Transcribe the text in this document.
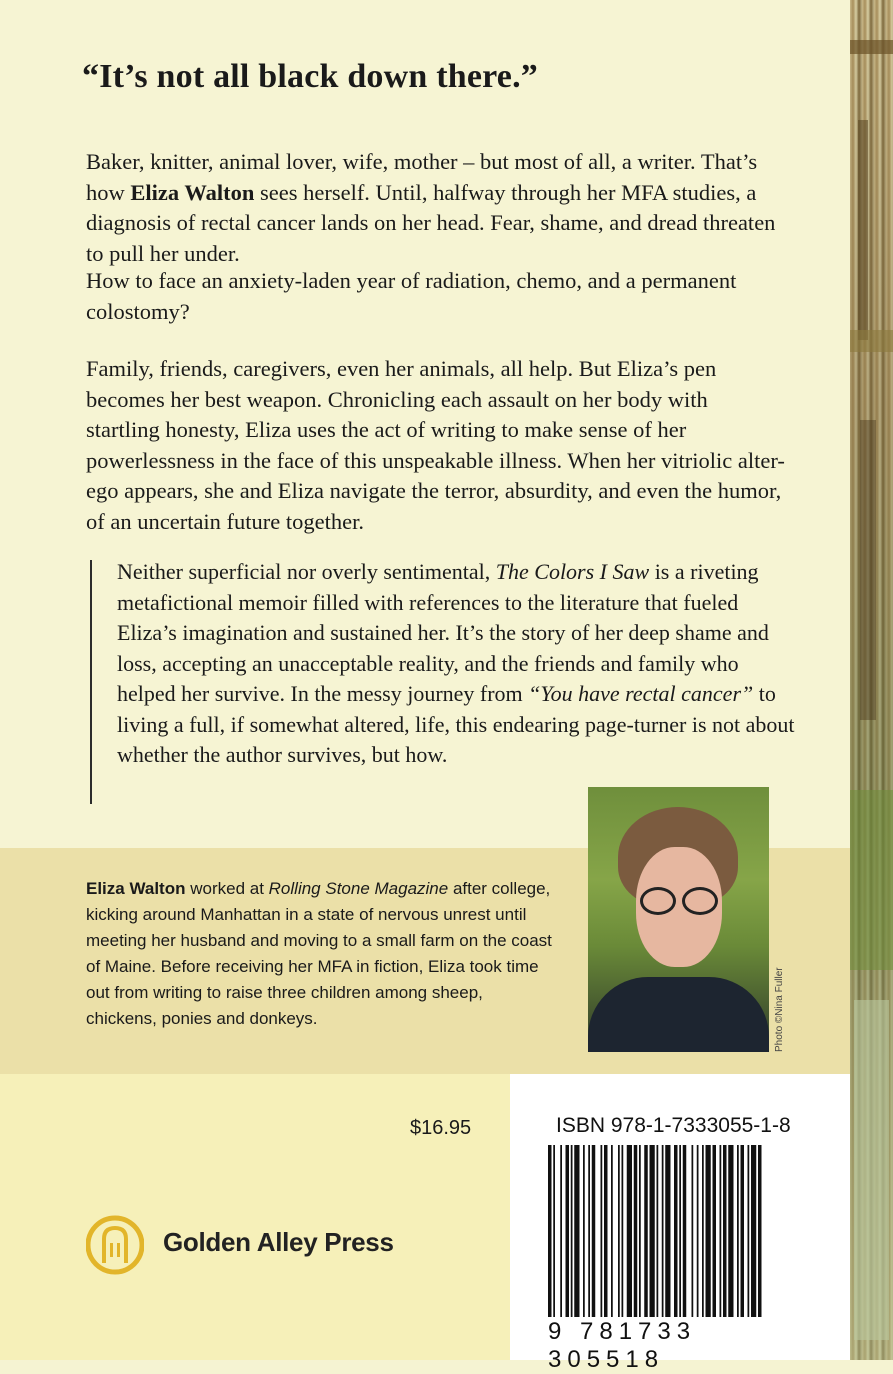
“It’s not all black down there.”

Baker, knitter, animal lover, wife, mother – but most of all, a writer. That’s how Eliza Walton sees herself. Until, halfway through her MFA studies, a diagnosis of rectal cancer lands on her head. Fear, shame, and dread threaten to pull her under.

How to face an anxiety-laden year of radiation, chemo, and a permanent colostomy?

Family, friends, caregivers, even her animals, all help. But Eliza’s pen becomes her best weapon. Chronicling each assault on her body with startling honesty, Eliza uses the act of writing to make sense of her powerlessness in the face of this unspeakable illness. When her vitriolic alter-ego appears, she and Eliza navigate the terror, absurdity, and even the humor, of an uncertain future together.

Neither superficial nor overly sentimental, The Colors I Saw is a riveting metafictional memoir filled with references to the literature that fueled Eliza’s imagination and sustained her. It’s the story of her deep shame and loss, accepting an unacceptable reality, and the friends and family who helped her survive. In the messy journey from “You have rectal cancer” to living a full, if somewhat altered, life, this endearing page-turner is not about
whether the author survives, but how.

Eliza Walton worked at Rolling Stone Magazine after college, kicking around Manhattan in a state of nervous unrest until meeting her husband and moving to a small farm on the coast of Maine. Before receiving her MFA in fiction, Eliza took time out from writing to raise three children among sheep, chickens, ponies and donkeys.	Photo ©Nina Fuller
$16.95
Golden Alley Press
ISBN 978-1-7333055-1-8
9 781733 305518
